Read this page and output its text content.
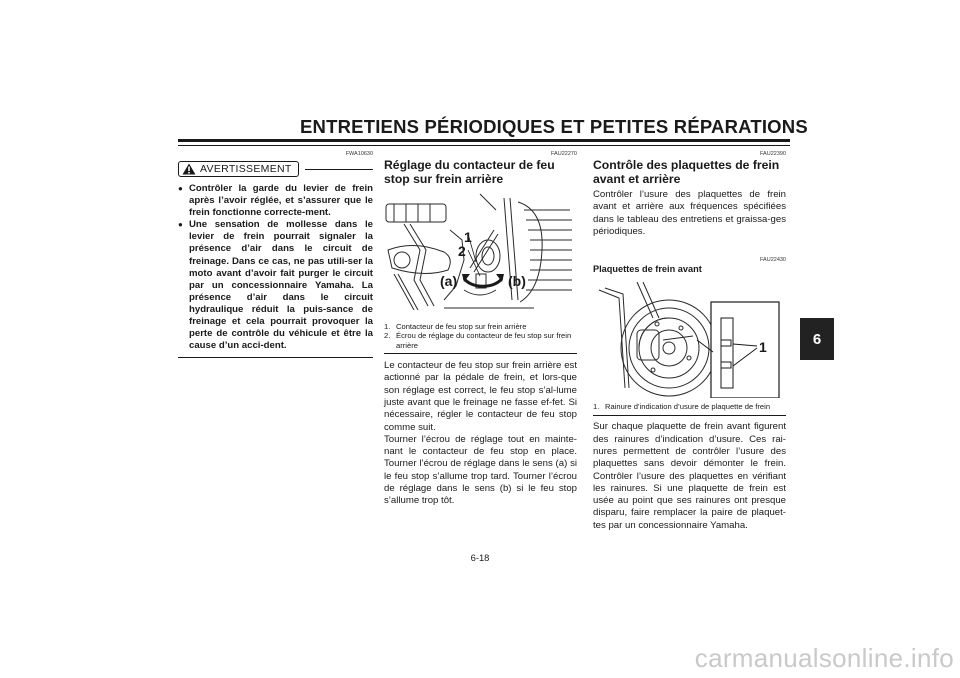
ENTRETIENS PÉRIODIQUES ET PETITES RÉPARATIONS
6
FWA10630
AVERTISSEMENT
● Contrôler la garde du levier de frein après l’avoir réglée, et s’assurer que le frein fonctionne correcte-ment.
● Une sensation de mollesse dans le levier de frein pourrait signaler la présence d’air dans le circuit de freinage. Dans ce cas, ne pas utili-ser la moto avant d’avoir fait purger le circuit par un concessionnaire Yamaha. La présence d’air dans le circuit hydraulique réduit la puis-sance de freinage et cela pourrait provoquer la perte de contrôle du véhicule et être la cause d’un acci-dent.
FAU22270
Réglage du contacteur de feu stop sur frein arrière
1
2
(a)	(b)
1. Contacteur de feu stop sur frein arrière
2. Écrou de réglage du contacteur de feu stop sur frein arrière

Le contacteur de feu stop sur frein arrière est actionné par la pédale de frein, et lors-que son réglage est correct, le feu stop s’al-lume juste avant que le freinage ne fasse ef-fet. Si nécessaire, régler le contacteur de feu stop comme suit.

Tourner l’écrou de réglage tout en mainte-nant le contacteur de feu stop en place. Tourner l’écrou de réglage dans le sens (a) si le feu stop s’allume trop tard. Tourner l’écrou de réglage dans le sens (b) si le feu stop s’allume trop tôt.

FAU22390
Contrôle des plaquettes de frein avant et arrière

Contrôler l’usure des plaquettes de frein avant et arrière aux fréquences spécifiées dans le tableau des entretiens et graissa-ges périodiques.

FAU22430
Plaquettes de frein avant
1
1. Rainure d’indication d’usure de plaquette de frein

Sur chaque plaquette de frein avant figurent des rainures d’indication d’usure. Ces rai-nures permettent de contrôler l’usure des plaquettes sans devoir démonter le frein. Contrôler l’usure des plaquettes en vérifiant les rainures. Si une plaquette de frein est usée au point que ses rainures ont presque disparu, faire remplacer la paire de plaquet-tes par un concessionnaire Yamaha.

6-18
carmanualsonline.info
